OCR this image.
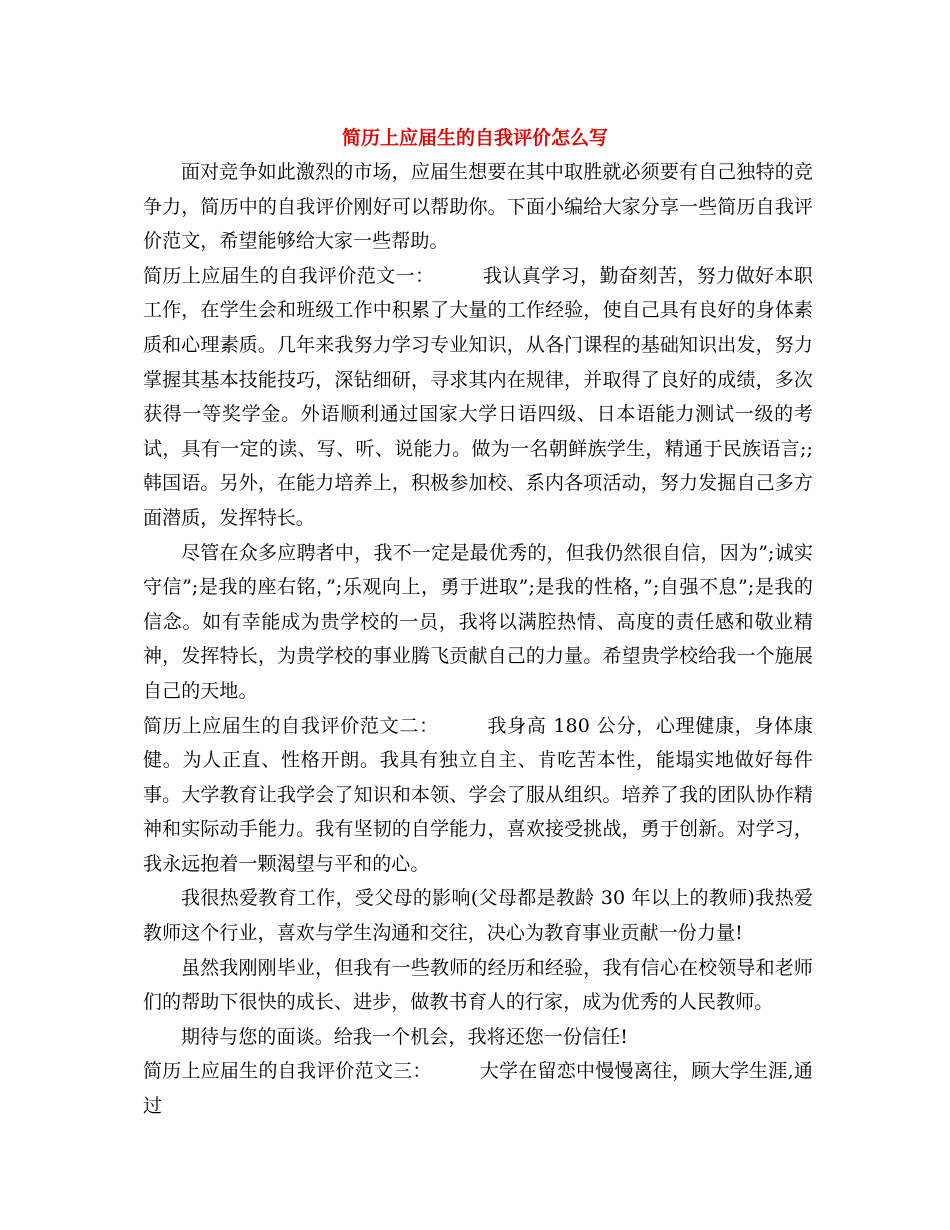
简历上应届生的自我评价怎么写

面对竞争如此激烈的市场，应届生想要在其中取胜就必须要有自己独特的竞争力，简历中的自我评价刚好可以帮助你。下面小编给大家分享一些简历自我评价范文，希望能够给大家一些帮助。

简历上应届生的自我评价范文一：	我认真学习，勤奋刻苦，努力做好本职工作，在学生会和班级工作中积累了大量的工作经验，使自己具有良好的身体素质和心理素质。几年来我努力学习专业知识，从各门课程的基础知识出发，努力掌握其基本技能技巧，深钻细研，寻求其内在规律，并取得了良好的成绩，多次获得一等奖学金。外语顺利通过国家大学日语四级、日本语能力测试一级的考试，具有一定的读、写、听、说能力。做为一名朝鲜族学生，精通于民族语言;;韩国语。另外，在能力培养上，积极参加校、系内各项活动，努力发掘自己多方面潜质，发挥特长。

尽管在众多应聘者中，我不一定是最优秀的，但我仍然很自信，因为”;诚实守信”;是我的座右铭，”;乐观向上，勇于进取”;是我的性格，”;自强不息”;是我的信念。如有幸能成为贵学校的一员，我将以满腔热情、高度的责任感和敬业精神，发挥特长，为贵学校的事业腾飞贡献自己的力量。希望贵学校给我一个施展自己的天地。

简历上应届生的自我评价范文二：	我身高 180 公分，心理健康，身体康健。为人正直、性格开朗。我具有独立自主、肯吃苦本性，能塌实地做好每件事。大学教育让我学会了知识和本领、学会了服从组织。培养了我的团队协作精神和实际动手能力。我有坚韧的自学能力，喜欢接受挑战，勇于创新。对学习，我永远抱着一颗渴望与平和的心。

我很热爱教育工作，受父母的影响(父母都是教龄 30 年以上的教师)我热爱教师这个行业，喜欢与学生沟通和交往，决心为教育事业贡献一份力量!

虽然我刚刚毕业，但我有一些教师的经历和经验，我有信心在校领导和老师们的帮助下很快的成长、进步，做教书育人的行家，成为优秀的人民教师。

期待与您的面谈。给我一个机会，我将还您一份信任!

简历上应届生的自我评价范文三：	大学在留恋中慢慢离往，顾大学生涯,通过
